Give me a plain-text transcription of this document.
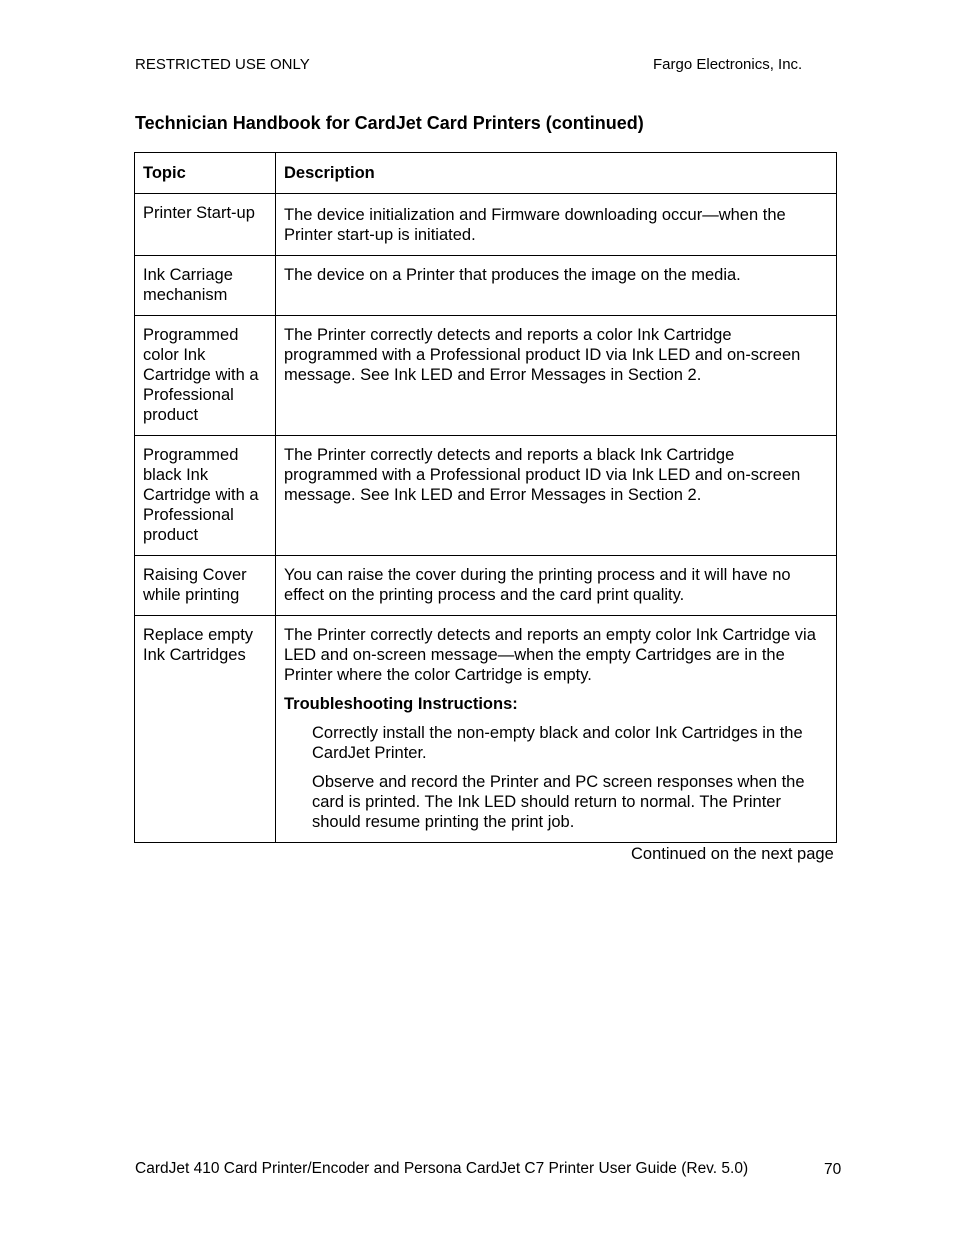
RESTRICTED USE ONLY	Fargo Electronics, Inc.
Technician Handbook for CardJet Card Printers (continued)
Topic	Description
Printer Start-up	The device initialization and Firmware downloading occur—when the Printer start-up is initiated.

Ink Carriage mechanism	The device on a Printer that produces the image on the media.

Programmed color Ink Cartridge with a Professional product	The Printer correctly detects and reports a color Ink Cartridge programmed with a Professional product ID via Ink LED and on-screen message. See Ink LED and Error Messages in Section 2.

Programmed black Ink Cartridge with a Professional product	The Printer correctly detects and reports a black Ink Cartridge programmed with a Professional product ID via Ink LED and on-screen message. See Ink LED and Error Messages in Section 2.

Raising Cover while printing	You can raise the cover during the printing process and it will have no effect on the printing process and the card print quality.

Replace empty Ink Cartridges	The Printer correctly detects and reports an empty color Ink Cartridge via LED and on-screen message—when the empty Cartridges are in the Printer where the color Cartridge is empty.

Troubleshooting Instructions:

Correctly install the non-empty black and color Ink Cartridges in the CardJet Printer.

Observe and record the Printer and PC screen responses when the card is printed. The Ink LED should return to normal. The Printer should resume printing the print job.

Continued on the next page
CardJet 410 Card Printer/Encoder and Persona CardJet C7 Printer User Guide (Rev. 5.0)	70
